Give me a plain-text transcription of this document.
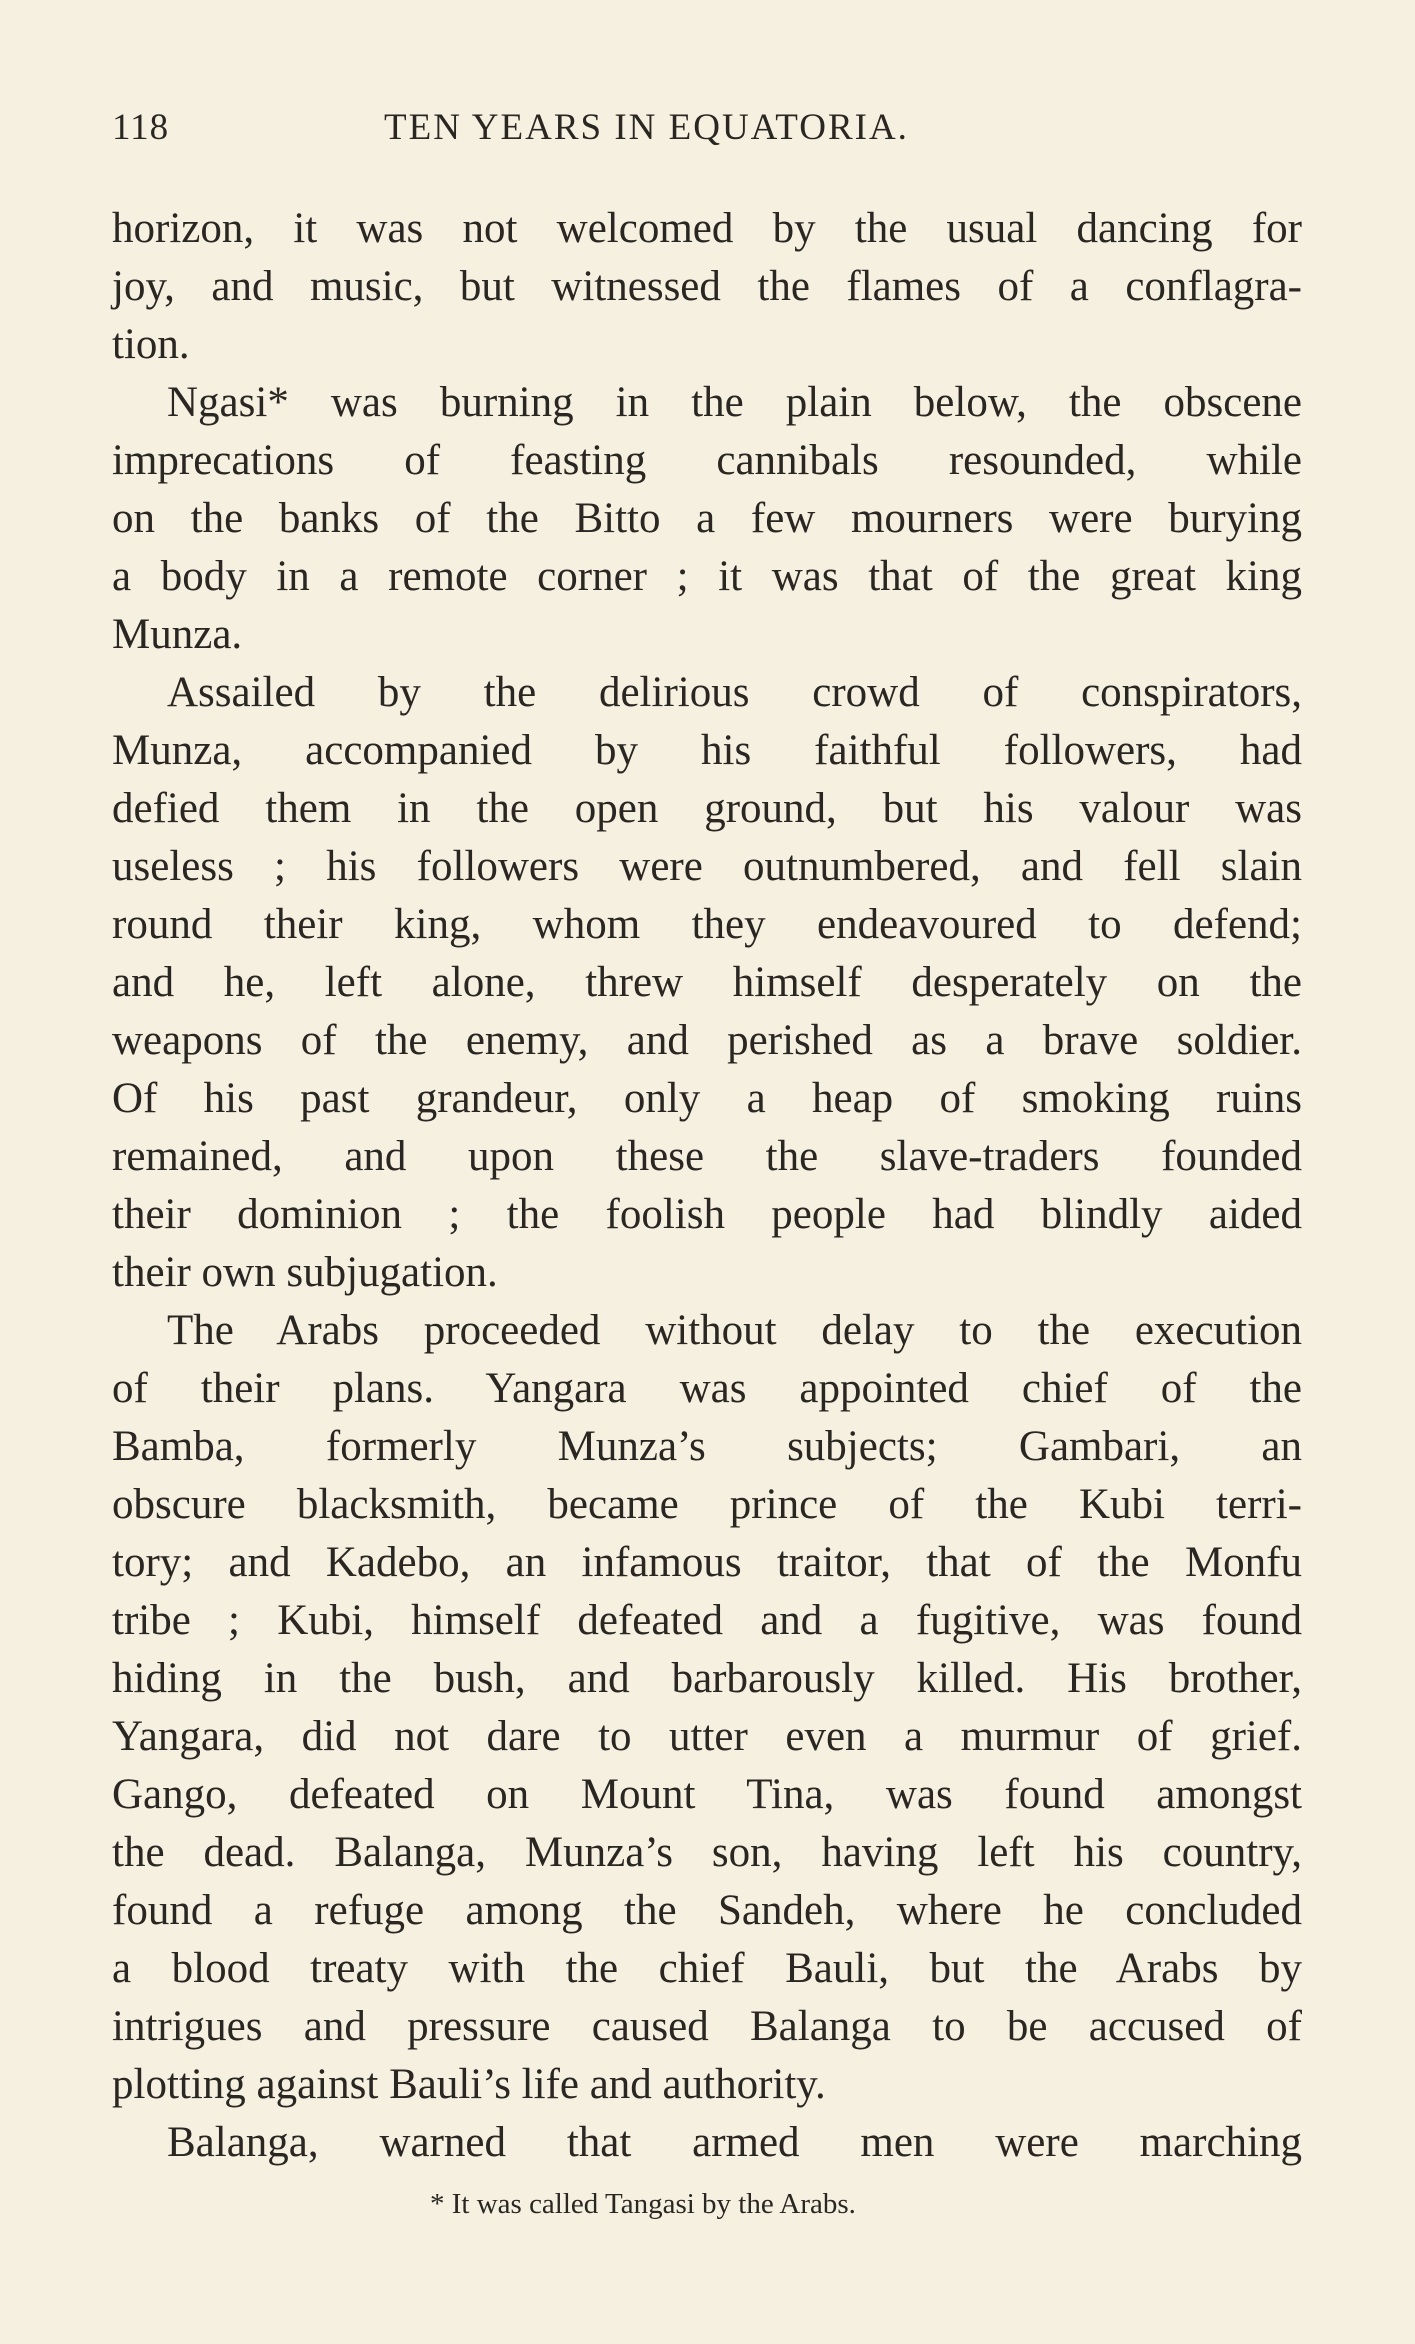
118	TEN YEARS IN EQUATORIA.
horizon, it was not welcomed by the usual dancing for
joy, and music, but witnessed the flames of a conflagra-
tion.
Ngasi* was burning in the plain below, the obscene
imprecations of feasting cannibals resounded, while
on the banks of the Bitto a few mourners were burying
a body in a remote corner ; it was that of the great king
Munza.
Assailed by the delirious crowd of conspirators,
Munza, accompanied by his faithful followers, had
defied them in the open ground, but his valour was
useless ; his followers were outnumbered, and fell slain
round their king, whom they endeavoured to defend;
and he, left alone, threw himself desperately on the
weapons of the enemy, and perished as a brave soldier.
Of his past grandeur, only a heap of smoking ruins
remained, and upon these the slave-traders founded
their dominion ; the foolish people had blindly aided
their own subjugation.
The Arabs proceeded without delay to the execution
of their plans. Yangara was appointed chief of the
Bamba, formerly Munza’s subjects; Gambari, an
obscure blacksmith, became prince of the Kubi terri-
tory; and Kadebo, an infamous traitor, that of the Monfu
tribe ; Kubi, himself defeated and a fugitive, was found
hiding in the bush, and barbarously killed. His brother,
Yangara, did not dare to utter even a murmur of grief.
Gango, defeated on Mount Tina, was found amongst
the dead. Balanga, Munza’s son, having left his country,
found a refuge among the Sandeh, where he concluded
a blood treaty with the chief Bauli, but the Arabs by
intrigues and pressure caused Balanga to be accused of
plotting against Bauli’s life and authority.
Balanga, warned that armed men were marching
* It was called Tangasi by the Arabs.
